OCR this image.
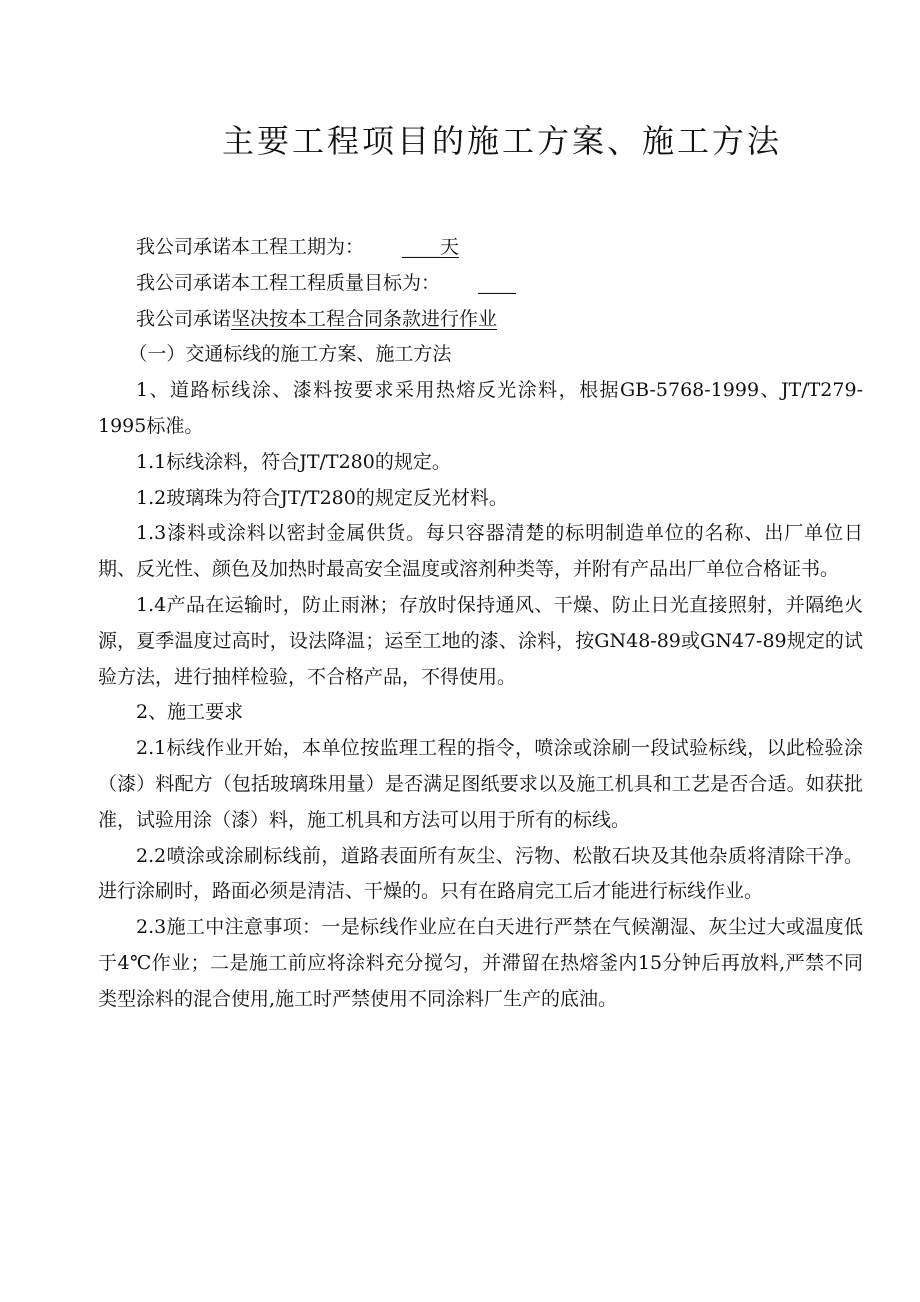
主要工程项目的施工方案、施工方法

我公司承诺本工程工期为： ____天

我公司承诺本工程工程质量目标为： ____

我公司承诺坚决按本工程合同条款进行作业

（一）交通标线的施工方案、施工方法

1、道路标线涂、漆料按要求采用热熔反光涂料，根据GB-5768-1999、JT/T279-1995标准。

1.1标线涂料，符合JT/T280的规定。

1.2玻璃珠为符合JT/T280的规定反光材料。

1.3漆料或涂料以密封金属供货。每只容器清楚的标明制造单位的名称、出厂单位日期、反光性、颜色及加热时最高安全温度或溶剂种类等，并附有产品出厂单位合格证书。

1.4产品在运输时，防止雨淋；存放时保持通风、干燥、防止日光直接照射，并隔绝火源，夏季温度过高时，设法降温；运至工地的漆、涂料，按GN48-89或GN47-89规定的试验方法，进行抽样检验，不合格产品，不得使用。

2、施工要求

2.1标线作业开始，本单位按监理工程的指令，喷涂或涂刷一段试验标线，以此检验涂（漆）料配方（包括玻璃珠用量）是否满足图纸要求以及施工机具和工艺是否合适。如获批准，试验用涂（漆）料，施工机具和方法可以用于所有的标线。

2.2喷涂或涂刷标线前，道路表面所有灰尘、污物、松散石块及其他杂质将清除干净。进行涂刷时，路面必须是清洁、干燥的。只有在路肩完工后才能进行标线作业。

2.3施工中注意事项：一是标线作业应在白天进行严禁在气候潮湿、灰尘过大或温度低于4℃作业；二是施工前应将涂料充分搅匀，并滞留在热熔釜内15分钟后再放料,严禁不同类型涂料的混合使用,施工时严禁使用不同涂料厂生产的底油。
